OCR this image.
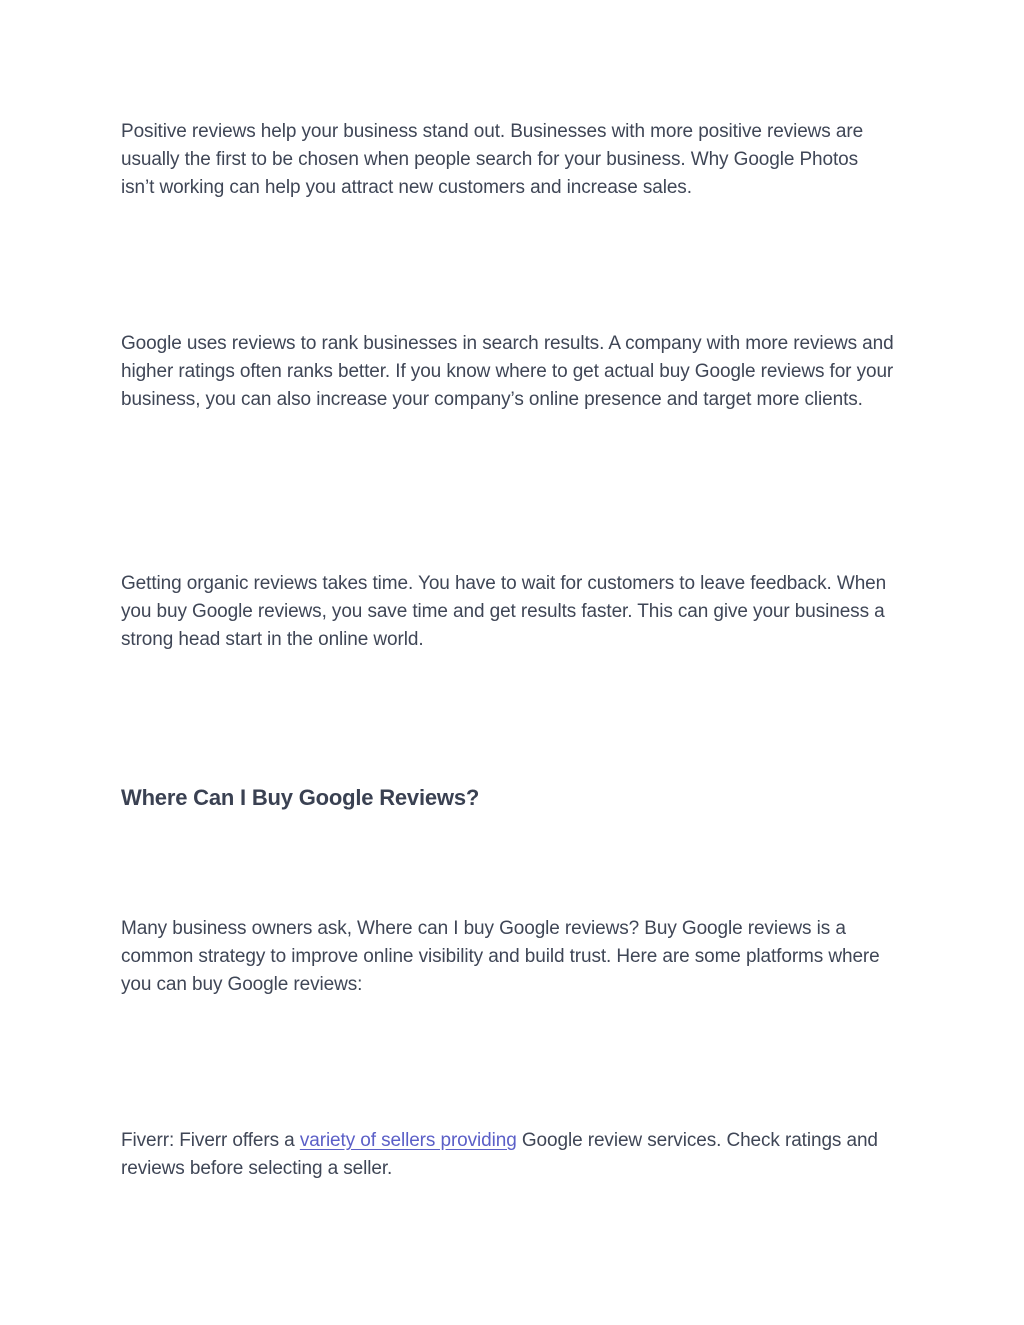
Positive reviews help your business stand out. Businesses with more positive reviews are usually the first to be chosen when people search for your business. Why Google Photos isn’t working can help you attract new customers and increase sales.

Google uses reviews to rank businesses in search results. A company with more reviews and higher ratings often ranks better. If you know where to get actual buy Google reviews for your business, you can also increase your company’s online presence and target more clients.

Getting organic reviews takes time. You have to wait for customers to leave feedback. When you buy Google reviews, you save time and get results faster. This can give your business a strong head start in the online world.

Where Can I Buy Google Reviews?

Many business owners ask, Where can I buy Google reviews? Buy Google reviews is a common strategy to improve online visibility and build trust. Here are some platforms where you can buy Google reviews:

Fiverr: Fiverr offers a variety of sellers providing Google review services. Check ratings and reviews before selecting a seller.
